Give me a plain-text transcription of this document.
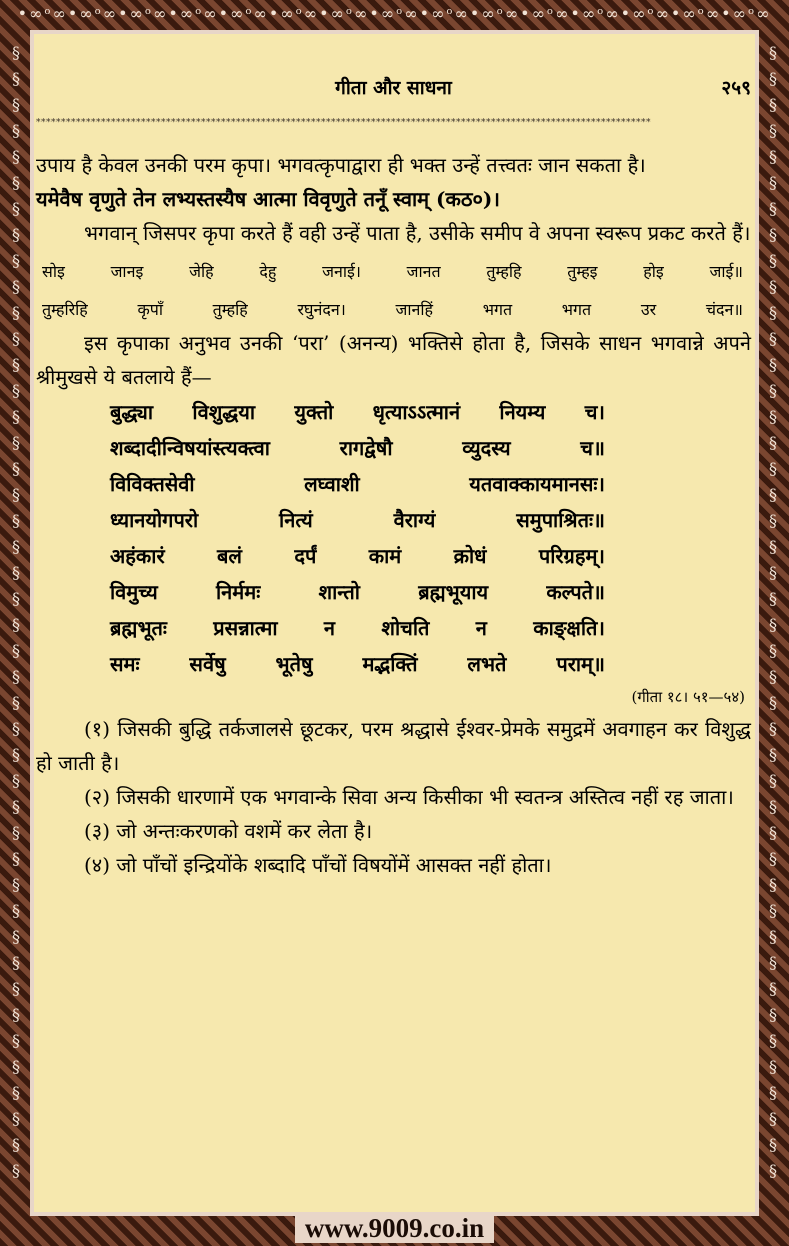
•∞ᵒ∞•∞ᵒ∞•∞ᵒ∞•∞ᵒ∞•∞ᵒ∞•∞ᵒ∞•∞ᵒ∞•∞ᵒ∞•∞ᵒ∞•∞ᵒ∞•∞ᵒ∞•∞ᵒ∞•∞ᵒ∞•∞ᵒ∞•∞ᵒ∞
§
§
§
§
§
§
§
§
§
§
§
§
§
§
§
§
§
§
§
§
§
§
§
§
§
§
§
§
§
§
§
§
§
§
§
§
§
§
§
§
§
§
§
§
§
§
§
§
§
§
§
§
§
§
§
§
§
§
§
§
§
§
§
§
§
§
§
§
§
§
§
§
§
§
§
§
§
§
§
§
§
§
§
§
§
§
§
§
www.9009.co.in
गीता और साधना	२५९
***************************************************************************************************************************

उपाय है केवल उनकी परम कृपा। भगवत्कृपाद्वारा ही भक्त उन्हें तत्त्वतः जान सकता है।

यमेवैष वृणुते तेन लभ्यस्तस्यैष आत्मा विवृणुते तनूँ स्वाम् (कठ०)।

भगवान् जिसपर कृपा करते हैं वही उन्हें पाता है, उसीके समीप वे अपना स्वरूप प्रकट करते हैं।

सोइ जानइ जेहि देहु जनाई। जानत तुम्हहि तुम्हइ होइ जाई॥

तुम्हरिहि कृपाँ तुम्हहि रघुनंदन। जानहिं भगत भगत उर चंदन॥

इस कृपाका अनुभव उनकी ‘परा’ (अनन्य) भक्तिसे होता है, जिसके साधन भगवान्ने अपने श्रीमुखसे ये बतलाये हैं—

बुद्ध्या विशुद्धया युक्तो धृत्याऽऽत्मानं नियम्य च।

शब्दादीन्विषयांस्त्यक्त्वा रागद्वेषौ व्युदस्य च॥

विविक्तसेवी लघ्वाशी यतवाक्कायमानसः।

ध्यानयोगपरो नित्यं वैराग्यं समुपाश्रितः॥

अहंकारं बलं दर्पं कामं क्रोधं परिग्रहम्।

विमुच्य निर्ममः शान्तो ब्रह्मभूयाय कल्पते॥

ब्रह्मभूतः प्रसन्नात्मा न शोचति न काङ्क्षति।

समः सर्वेषु भूतेषु मद्भक्तिं लभते पराम्॥

(गीता १८। ५१—५४)

(१) जिसकी बुद्धि तर्कजालसे छूटकर, परम श्रद्धासे ईश्वर-प्रेमके समुद्रमें अवगाहन कर विशुद्ध हो जाती है।

(२) जिसकी धारणामें एक भगवान्के सिवा अन्य किसीका भी स्वतन्त्र अस्तित्व नहीं रह जाता।

(३) जो अन्तःकरणको वशमें कर लेता है।

(४) जो पाँचों इन्द्रियोंके शब्दादि पाँचों विषयोंमें आसक्त नहीं होता।
